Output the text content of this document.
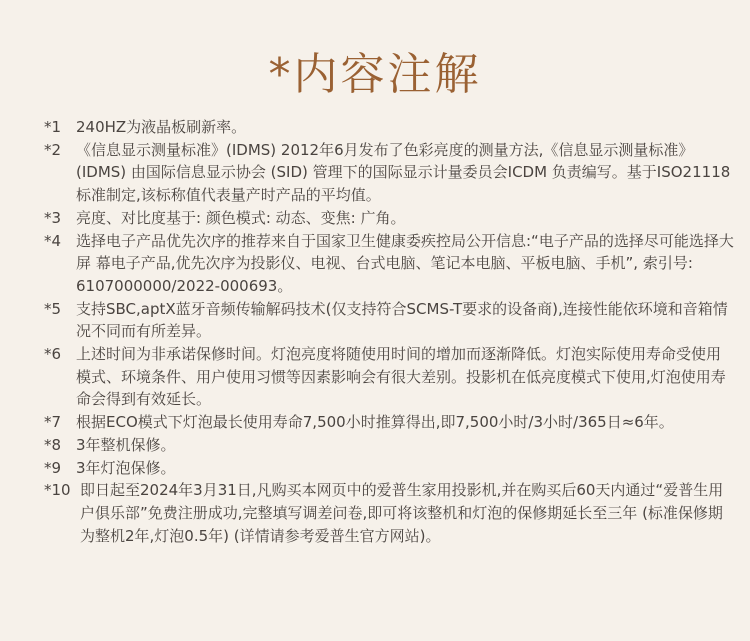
*内容注解

*1 240HZ为液晶板刷新率。

*2 《信息显示测量标准》(IDMS) 2012年6月发布了色彩亮度的测量方法,《信息显示测量标准》(IDMS) 由国际信息显示协会 (SID) 管理下的国际显示计量委员会ICDM 负责编写。基于ISO21118 标准制定,该标称值代表量产时产品的平均值。

*3 亮度、对比度基于: 颜色模式: 动态、变焦: 广角。

*4 选择电子产品优先次序的推荐来自于国家卫生健康委疾控局公开信息:“电子产品的选择尽可能选择大屏 幕电子产品,优先次序为投影仪、电视、台式电脑、笔记本电脑、平板电脑、手机”, 索引号: 6107000000/2022-000693。

*5 支持SBC,aptX蓝牙音频传输解码技术(仅支持符合SCMS-T要求的设备商),连接性能依环境和音箱情况不同而有所差异。

*6 上述时间为非承诺保修时间。灯泡亮度将随使用时间的增加而逐渐降低。灯泡实际使用寿命受使用模式、环境条件、用户使用习惯等因素影响会有很大差别。投影机在低亮度模式下使用,灯泡使用寿命会得到有效延长。

*7 根据ECO模式下灯泡最长使用寿命7,500小时推算得出,即7,500小时/3小时/365日≈6年。

*8 3年整机保修。

*9 3年灯泡保修。

*10 即日起至2024年3月31日,凡购买本网页中的爱普生家用投影机,并在购买后60天内通过“爱普生用户俱乐部”免费注册成功,完整填写调差问卷,即可将该整机和灯泡的保修期延长至三年 (标准保修期为整机2年,灯泡0.5年) (详情请参考爱普生官方网站)。
